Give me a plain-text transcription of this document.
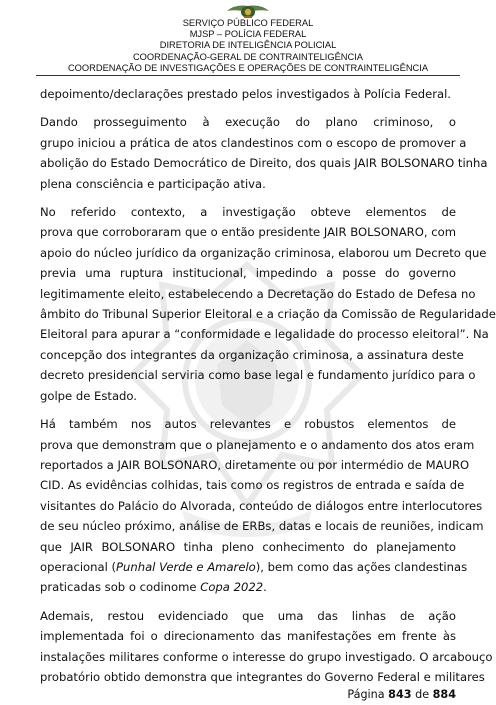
SERVIÇO PÚBLICO FEDERAL
MJSP – POLÍCIA FEDERAL
DIRETORIA DE INTELIGÊNCIA POLICIAL
COORDENAÇÃO-GERAL DE CONTRAINTELIGÊNCIA
COORDENAÇÃO DE INVESTIGAÇÕES E OPERAÇÕES DE CONTRAINTELIGÊNCIA

depoimento/declarações prestado pelos investigados à Polícia Federal.

Dando prosseguimento à execução do plano criminoso, o
grupo iniciou a prática de atos clandestinos com o escopo de promover a
abolição do Estado Democrático de Direito, dos quais JAIR BOLSONARO tinha
plena consciência e participação ativa.

No referido contexto, a investigação obteve elementos de
prova que corroboraram que o então presidente JAIR BOLSONARO, com
apoio do núcleo jurídico da organização criminosa, elaborou um Decreto que
previa uma ruptura institucional, impedindo a posse do governo
legitimamente eleito, estabelecendo a Decretação do Estado de Defesa no
âmbito do Tribunal Superior Eleitoral e a criação da Comissão de Regularidade
Eleitoral para apurar a “conformidade e legalidade do processo eleitoral”. Na
concepção dos integrantes da organização criminosa, a assinatura deste
decreto presidencial serviria como base legal e fundamento jurídico para o
golpe de Estado.

Há também nos autos relevantes e robustos elementos de
prova que demonstram que o planejamento e o andamento dos atos eram
reportados a JAIR BOLSONARO, diretamente ou por intermédio de MAURO
CID. As evidências colhidas, tais como os registros de entrada e saída de
visitantes do Palácio do Alvorada, conteúdo de diálogos entre interlocutores
de seu núcleo próximo, análise de ERBs, datas e locais de reuniões, indicam
que JAIR BOLSONARO tinha pleno conhecimento do planejamento
operacional (Punhal Verde e Amarelo), bem como das ações clandestinas
praticadas sob o codinome Copa 2022.

Ademais, restou evidenciado que uma das linhas de ação
implementada foi o direcionamento das manifestações em frente às
instalações militares conforme o interesse do grupo investigado. O arcabouço
probatório obtido demonstra que integrantes do Governo Federal e militares

Página 843 de 884
